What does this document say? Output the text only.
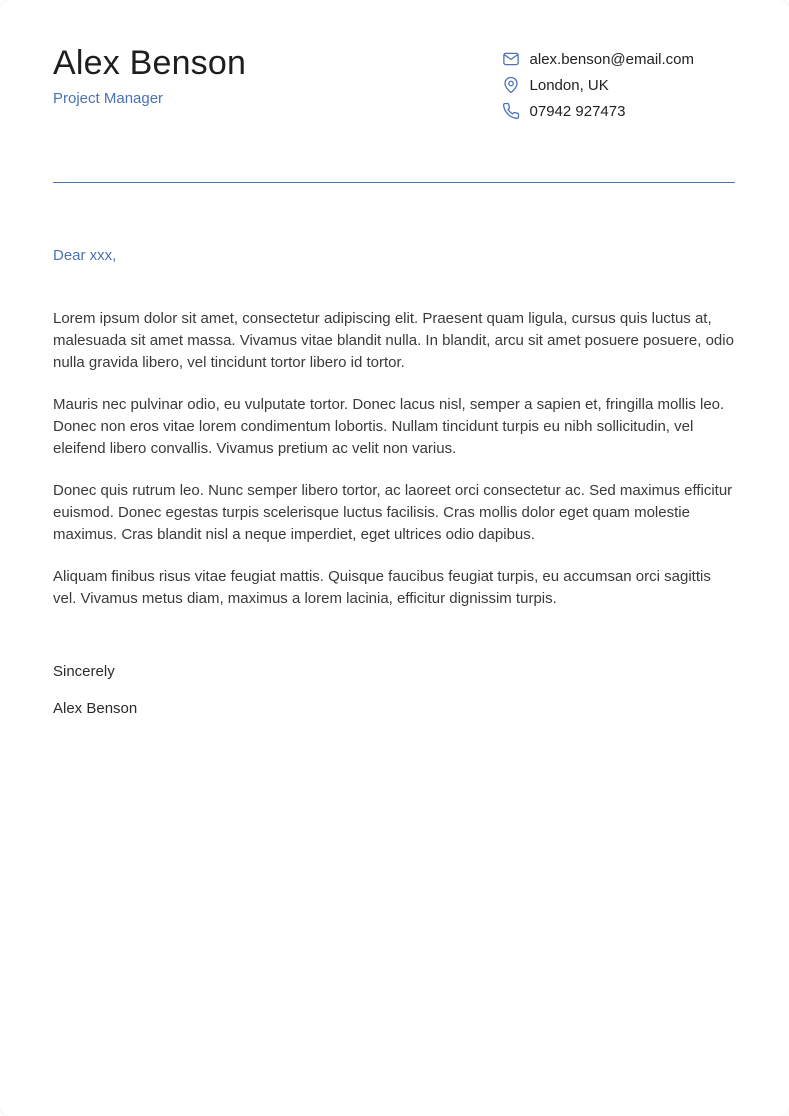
Alex Benson
Project Manager
alex.benson@email.com
London, UK
07942 927473
Dear xxx,

Lorem ipsum dolor sit amet, consectetur adipiscing elit. Praesent quam ligula, cursus quis luctus at, malesuada sit amet massa. Vivamus vitae blandit nulla. In blandit, arcu sit amet posuere posuere, odio nulla gravida libero, vel tincidunt tortor libero id tortor.

Mauris nec pulvinar odio, eu vulputate tortor. Donec lacus nisl, semper a sapien et, fringilla mollis leo. Donec non eros vitae lorem condimentum lobortis. Nullam tincidunt turpis eu nibh sollicitudin, vel eleifend libero convallis. Vivamus pretium ac velit non varius.

Donec quis rutrum leo. Nunc semper libero tortor, ac laoreet orci consectetur ac. Sed maximus efficitur euismod. Donec egestas turpis scelerisque luctus facilisis. Cras mollis dolor eget quam molestie maximus. Cras blandit nisl a neque imperdiet, eget ultrices odio dapibus.

Aliquam finibus risus vitae feugiat mattis. Quisque faucibus feugiat turpis, eu accumsan orci sagittis vel. Vivamus metus diam, maximus a lorem lacinia, efficitur dignissim turpis.

Sincerely
Alex Benson
